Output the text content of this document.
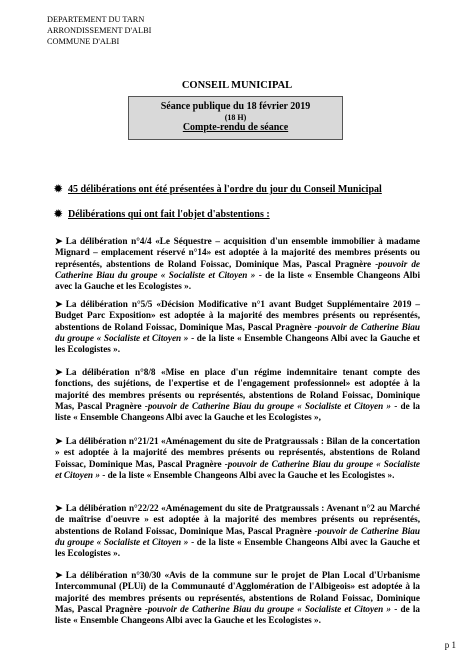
DEPARTEMENT DU TARN
ARRONDISSEMENT D'ALBI
COMMUNE D'ALBI
CONSEIL MUNICIPAL
Séance publique du 18 février 2019
(18 H)
Compte-rendu de séance
✹ 45 délibérations ont été présentées à l'ordre du jour du Conseil Municipal
✹ Délibérations qui ont fait l'objet d'abstentions :
➤ La délibération n°4/4 «Le Séquestre – acquisition d'un ensemble immobilier à madame Mignard – emplacement réservé n°14» est adoptée à la majorité des membres présents ou représentés, abstentions de Roland Foissac, Dominique Mas, Pascal Pragnère -pouvoir de Catherine Biau du groupe « Socialiste et Citoyen » - de la liste « Ensemble Changeons Albi avec la Gauche et les Ecologistes ».
➤ La délibération n°5/5 «Décision Modificative n°1 avant Budget Supplémentaire 2019 – Budget Parc Exposition» est adoptée à la majorité des membres présents ou représentés, abstentions de Roland Foissac, Dominique Mas, Pascal Pragnère -pouvoir de Catherine Biau du groupe « Socialiste et Citoyen » - de la liste « Ensemble Changeons Albi avec la Gauche et les Ecologistes ».
➤ La délibération n°8/8 «Mise en place d'un régime indemnitaire tenant compte des fonctions, des sujétions, de l'expertise et de l'engagement professionnel» est adoptée à la majorité des membres présents ou représentés, abstentions de Roland Foissac, Dominique Mas, Pascal Pragnère -pouvoir de Catherine Biau du groupe « Socialiste et Citoyen » - de la liste « Ensemble Changeons Albi avec la Gauche et les Ecologistes »,
➤ La délibération n°21/21 «Aménagement du site de Pratgraussals : Bilan de la concertation » est adoptée à la majorité des membres présents ou représentés, abstentions de Roland Foissac, Dominique Mas, Pascal Pragnère -pouvoir de Catherine Biau du groupe « Socialiste et Citoyen » - de la liste « Ensemble Changeons Albi avec la Gauche et les Ecologistes ».
➤ La délibération n°22/22 «Aménagement du site de Pratgraussals : Avenant n°2 au Marché de maîtrise d'oeuvre » est adoptée à la majorité des membres présents ou représentés, abstentions de Roland Foissac, Dominique Mas, Pascal Pragnère -pouvoir de Catherine Biau du groupe « Socialiste et Citoyen » - de la liste « Ensemble Changeons Albi avec la Gauche et les Ecologistes ».
➤ La délibération n°30/30 «Avis de la commune sur le projet de Plan Local d'Urbanisme Intercommunal (PLUi) de la Communauté d'Agglomération de l'Albigeois» est adoptée à la majorité des membres présents ou représentés, abstentions de Roland Foissac, Dominique Mas, Pascal Pragnère -pouvoir de Catherine Biau du groupe « Socialiste et Citoyen » - de la liste « Ensemble Changeons Albi avec la Gauche et les Ecologistes ».
p 1
